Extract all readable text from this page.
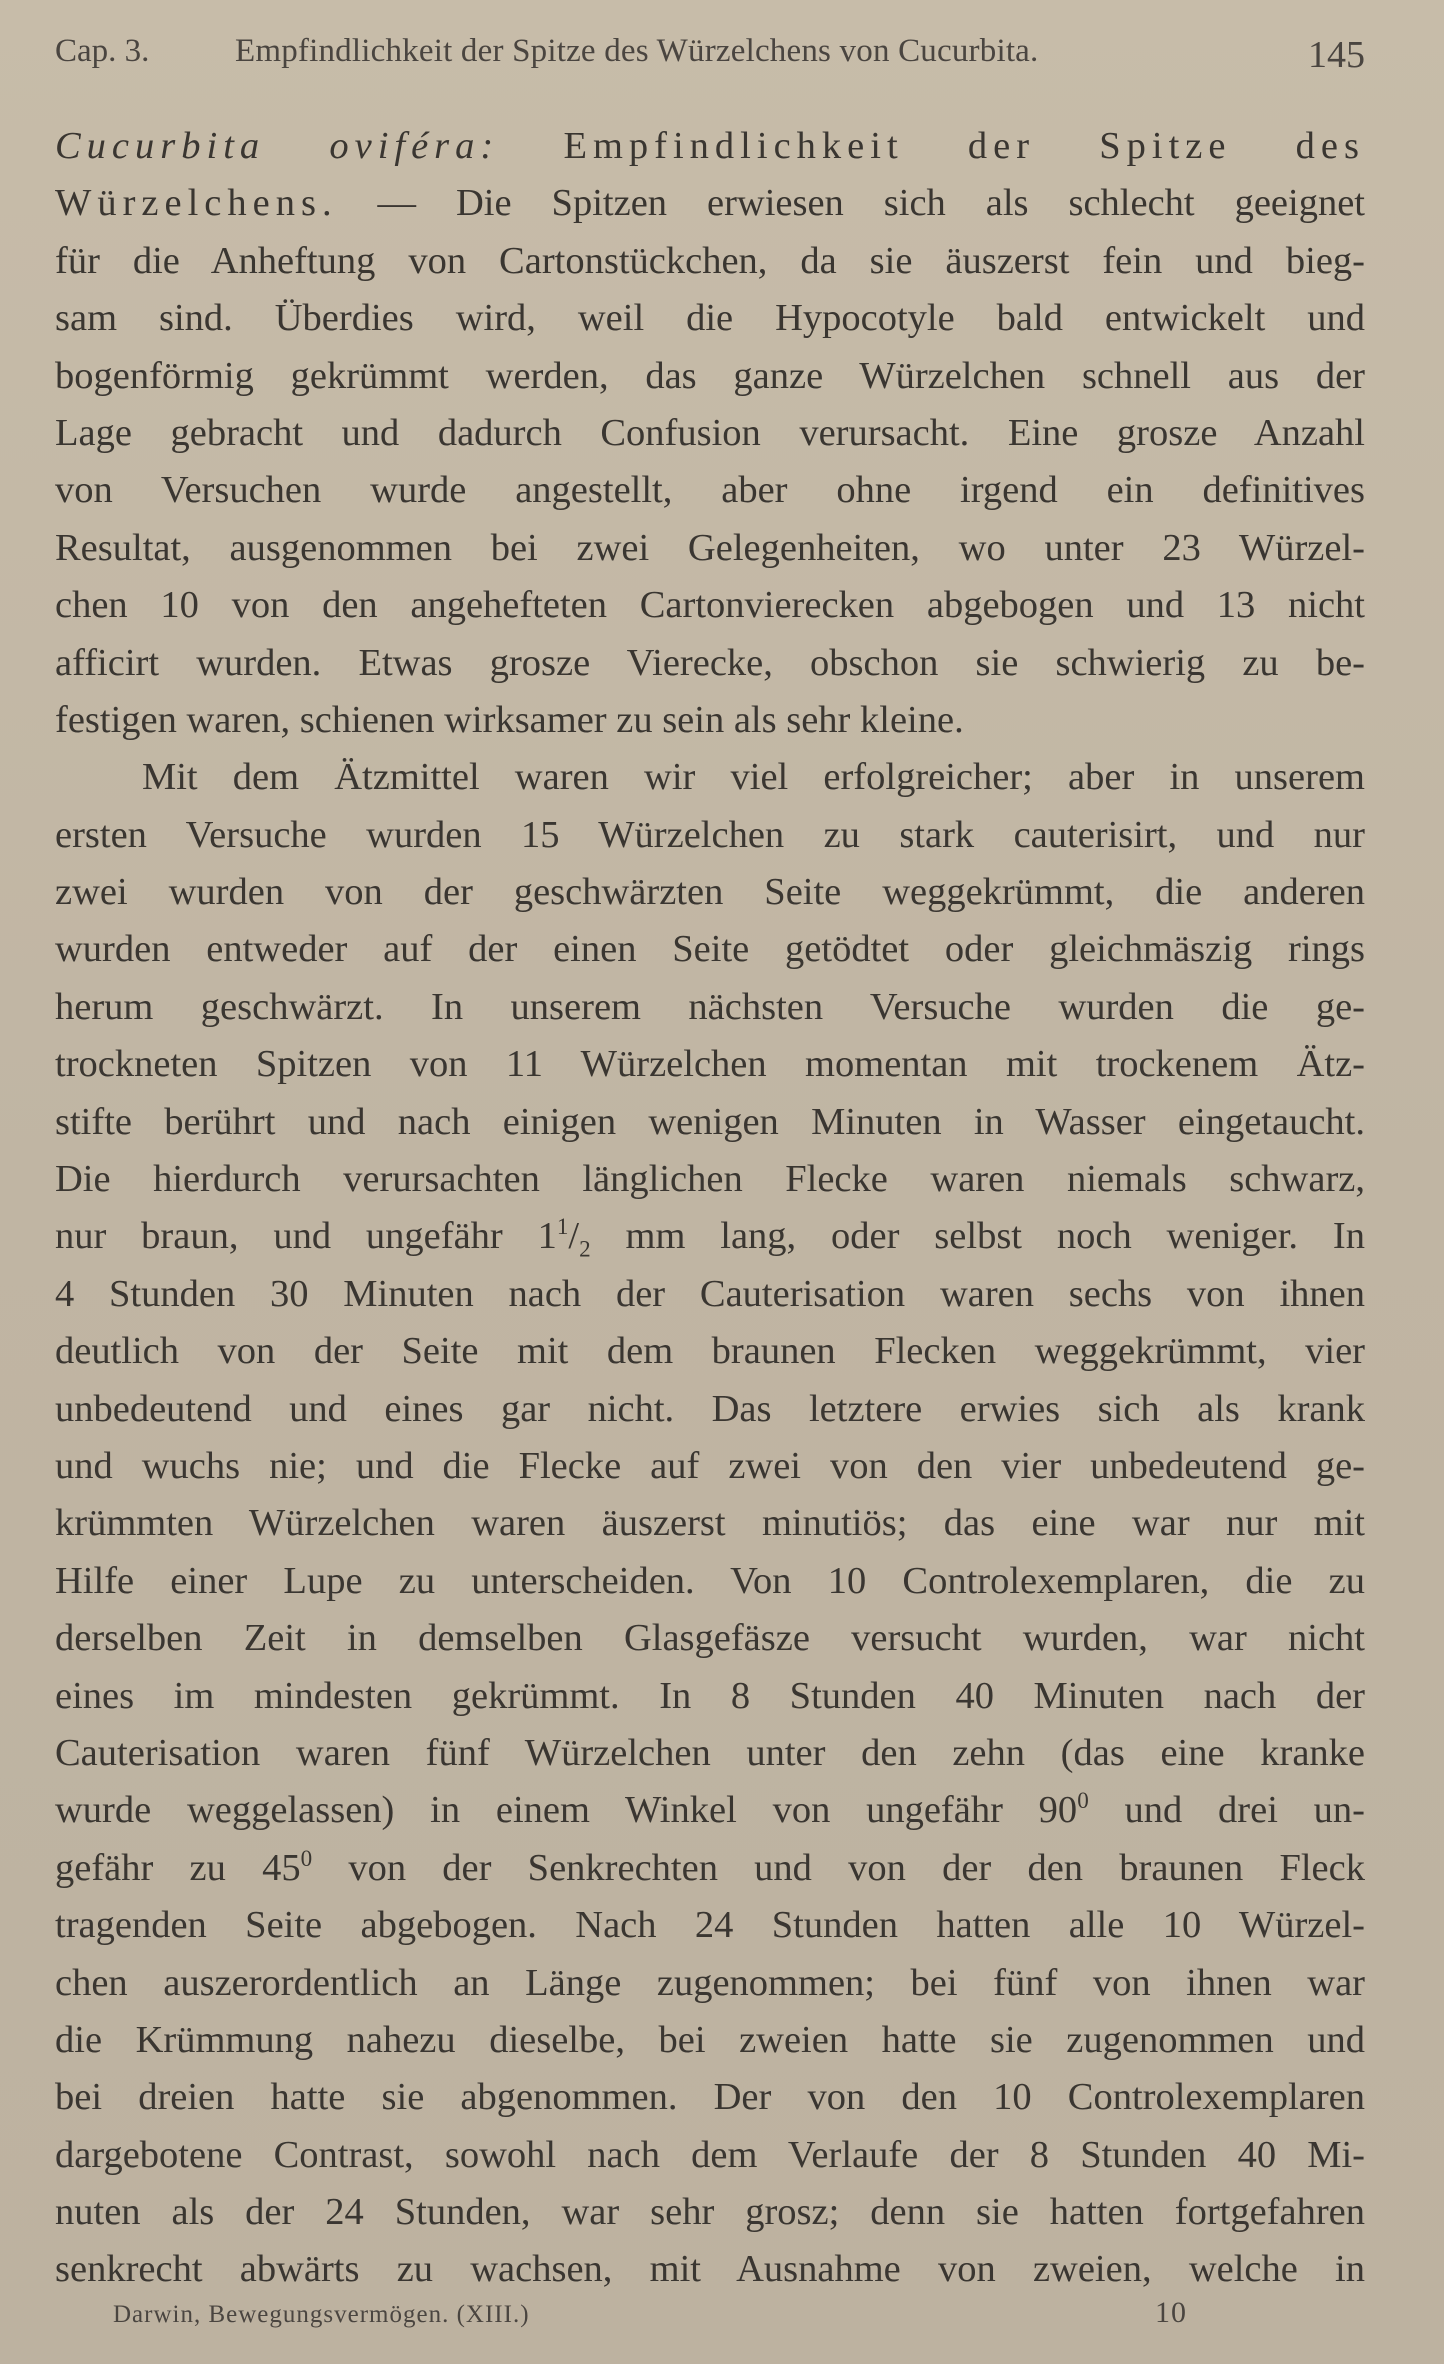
Cap. 3.	Empfindlichkeit der Spitze des Würzelchens von Cucurbita.	145
Cucurbita oviféra: Empfindlichkeit der Spitze des
Würzelchens. — Die Spitzen erwiesen sich als schlecht geeignet
für die Anheftung von Cartonstückchen, da sie äuszerst fein und bieg-
sam sind. Überdies wird, weil die Hypocotyle bald entwickelt und
bogenförmig gekrümmt werden, das ganze Würzelchen schnell aus der
Lage gebracht und dadurch Confusion verursacht. Eine grosze Anzahl
von Versuchen wurde angestellt, aber ohne irgend ein definitives
Resultat, ausgenommen bei zwei Gelegenheiten, wo unter 23 Würzel-
chen 10 von den angehefteten Cartonvierecken abgebogen und 13 nicht
afficirt wurden. Etwas grosze Vierecke, obschon sie schwierig zu be-
festigen waren, schienen wirksamer zu sein als sehr kleine.
Mit dem Ätzmittel waren wir viel erfolgreicher; aber in unserem
ersten Versuche wurden 15 Würzelchen zu stark cauterisirt, und nur
zwei wurden von der geschwärzten Seite weggekrümmt, die anderen
wurden entweder auf der einen Seite getödtet oder gleichmäszig rings
herum geschwärzt. In unserem nächsten Versuche wurden die ge-
trockneten Spitzen von 11 Würzelchen momentan mit trockenem Ätz-
stifte berührt und nach einigen wenigen Minuten in Wasser eingetaucht.
Die hierdurch verursachten länglichen Flecke waren niemals schwarz,
nur braun, und ungefähr $1^1/_2$ mm lang, oder selbst noch weniger. In
4 Stunden 30 Minuten nach der Cauterisation waren sechs von ihnen
deutlich von der Seite mit dem braunen Flecken weggekrümmt, vier
unbedeutend und eines gar nicht. Das letztere erwies sich als krank
und wuchs nie; und die Flecke auf zwei von den vier unbedeutend ge-
krümmten Würzelchen waren äuszerst minutiös; das eine war nur mit
Hilfe einer Lupe zu unterscheiden. Von 10 Controlexemplaren, die zu
derselben Zeit in demselben Glasgefäsze versucht wurden, war nicht
eines im mindesten gekrümmt. In 8 Stunden 40 Minuten nach der
Cauterisation waren fünf Würzelchen unter den zehn (das eine kranke
wurde weggelassen) in einem Winkel von ungefähr $90^0$ und drei un-
gefähr zu $45^0$ von der Senkrechten und von der den braunen Fleck
tragenden Seite abgebogen. Nach 24 Stunden hatten alle 10 Würzel-
chen auszerordentlich an Länge zugenommen; bei fünf von ihnen war
die Krümmung nahezu dieselbe, bei zweien hatte sie zugenommen und
bei dreien hatte sie abgenommen. Der von den 10 Controlexemplaren
dargebotene Contrast, sowohl nach dem Verlaufe der 8 Stunden 40 Mi-
nuten als der 24 Stunden, war sehr grosz; denn sie hatten fortgefahren
senkrecht abwärts zu wachsen, mit Ausnahme von zweien, welche in
Darwin, Bewegungsvermögen. (XIII.)	10
